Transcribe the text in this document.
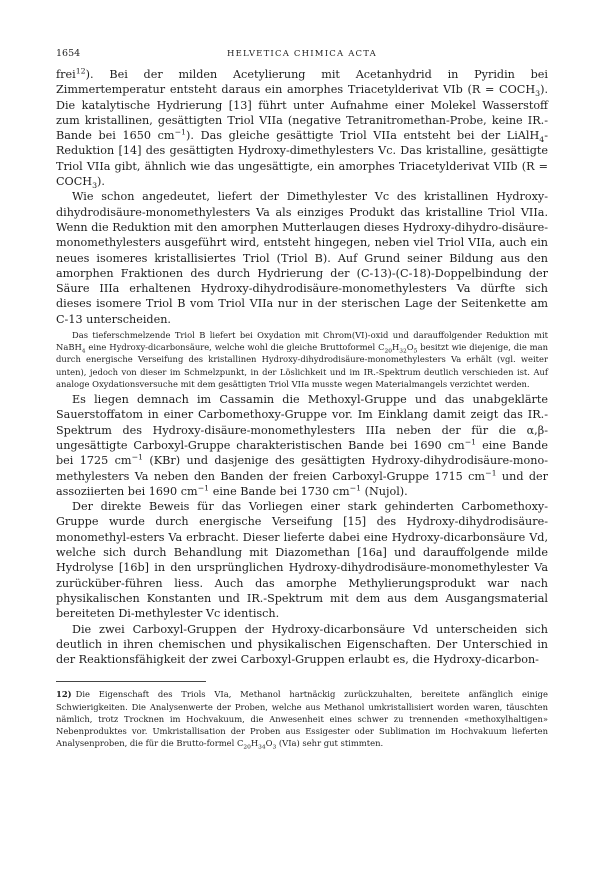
1654	HELVETICA CHIMICA ACTA

frei$^{12}$). Bei der milden Acetylierung mit Acetanhydrid in Pyridin bei Zimmertemperatur entsteht daraus ein amorphes Triacetylderivat VIb $(R = COCH_3)$. Die katalytische Hydrierung [13] führt unter Aufnahme einer Molekel Wasserstoff zum kristallinen, gesättigten Triol VIIa (negative Tetranitromethan-Probe, keine IR.-Bande bei 1650 $cm^{-1}$). Das gleiche gesättigte Triol VIIa entsteht bei der LiAlH$_4$-Reduktion [14] des gesättigten Hydroxy-dimethylesters Vc. Das kristalline, gesättigte Triol VIIa gibt, ähnlich wie das ungesättigte, ein amorphes Triacetylderivat VIIb $(R = COCH_3)$.

Wie schon angedeutet, liefert der Dimethylester Vc des kristallinen Hydroxy-dihydrodisäure-monomethylesters Va als einziges Produkt das kristalline Triol VIIa. Wenn die Reduktion mit den amorphen Mutterlaugen dieses Hydroxy-dihydro-disäure-monomethylesters ausgeführt wird, entsteht hingegen, neben viel Triol VIIa, auch ein neues isomeres kristallisiertes Triol (Triol B). Auf Grund seiner Bildung aus den amorphen Fraktionen des durch Hydrierung der (C-13)-(C-18)-Doppelbindung der Säure IIIa erhaltenen Hydroxy-dihydrodisäure-monomethylesters Va dürfte sich dieses isomere Triol B vom Triol VIIa nur in der sterischen Lage der Seitenkette am C-13 unterscheiden.

Das tieferschmelzende Triol B liefert bei Oxydation mit Chrom(VI)-oxid und darauffolgender Reduktion mit NaBH$_4$ eine Hydroxy-dicarbonsäure, welche wohl die gleiche Bruttoformel $C_{20}H_{32}O_5$ besitzt wie diejenige, die man durch energische Verseifung des kristallinen Hydroxy-dihydrodisäure-monomethylesters Va erhält (vgl. weiter unten), jedoch von dieser im Schmelzpunkt, in der Löslichkeit und im IR.-Spektrum deutlich verschieden ist. Auf analoge Oxydationsversuche mit dem gesättigten Triol VIIa musste wegen Materialmangels verzichtet werden.

Es liegen demnach im Cassamin die Methoxyl-Gruppe und das unabgeklärte Sauerstoffatom in einer Carbomethoxy-Gruppe vor. Im Einklang damit zeigt das IR.-Spektrum des Hydroxy-disäure-monomethylesters IIIa neben der für die α,β-ungesättigte Carboxyl-Gruppe charakteristischen Bande bei 1690 $cm^{-1}$ eine Bande bei 1725 $cm^{-1}$ (KBr) und dasjenige des gesättigten Hydroxy-dihydrodisäure-mono-methylesters Va neben den Banden der freien Carboxyl-Gruppe 1715 $cm^{-1}$ und der assoziierten bei 1690 $cm^{-1}$ eine Bande bei 1730 $cm^{-1}$ (Nujol).

Der direkte Beweis für das Vorliegen einer stark gehinderten Carbomethoxy-Gruppe wurde durch energische Verseifung [15] des Hydroxy-dihydrodisäure-monomethyl-esters Va erbracht. Dieser lieferte dabei eine Hydroxy-dicarbonsäure Vd, welche sich durch Behandlung mit Diazomethan [16a] und darauffolgende milde Hydrolyse [16b] in den ursprünglichen Hydroxy-dihydrodisäure-monomethylester Va zurücküber-führen liess. Auch das amorphe Methylierungsprodukt war nach physikalischen Konstanten und IR.-Spektrum mit dem aus dem Ausgangsmaterial bereiteten Di-methylester Vc identisch.

Die zwei Carboxyl-Gruppen der Hydroxy-dicarbonsäure Vd unterscheiden sich deutlich in ihren chemischen und physikalischen Eigenschaften. Der Unterschied in der Reaktionsfähigkeit der zwei Carboxyl-Gruppen erlaubt es, die Hydroxy-dicarbon-

12) Die Eigenschaft des Triols VIa, Methanol hartnäckig zurückzuhalten, bereitete anfänglich einige Schwierigkeiten. Die Analysenwerte der Proben, welche aus Methanol umkristallisiert worden waren, täuschten nämlich, trotz Trocknen im Hochvakuum, die Anwesenheit eines schwer zu trennenden «methoxylhaltigen» Nebenproduktes vor. Umkristallisation der Proben aus Essigester oder Sublimation im Hochvakuum lieferten Analysenproben, die für die Brutto-formel $C_{20}H_{34}O_3$ (VIa) sehr gut stimmten.
